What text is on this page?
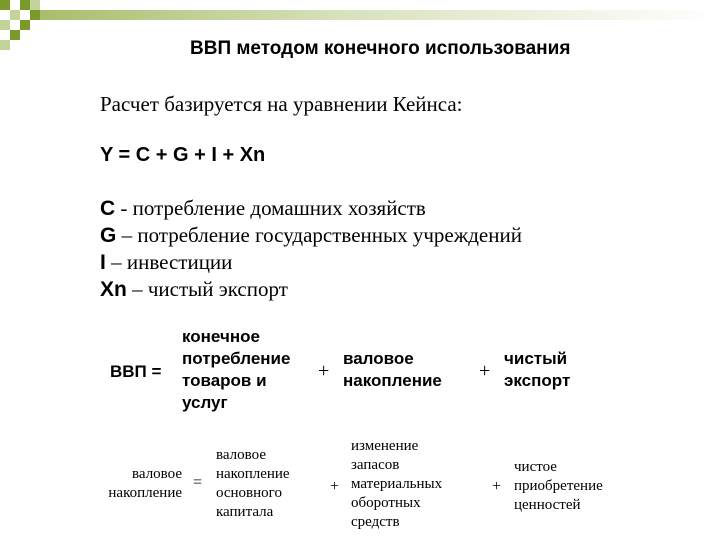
ВВП методом конечного использования
Расчет базируется на уравнении Кейнса:
Y = C + G + I + Xn
C - потребление домашних хозяйств
G – потребление государственных учреждений
I – инвестиции
Xn – чистый экспорт
ВВП =
конечное
потребление
товаров и
услуг
+
валовое
накопление +
чистый
экспорт
валовое
накопление
=
валовое
накопление
основного
капитала
+
изменение
запасов
материальных
оборотных
средств
+
чистое
приобретение
ценностей
